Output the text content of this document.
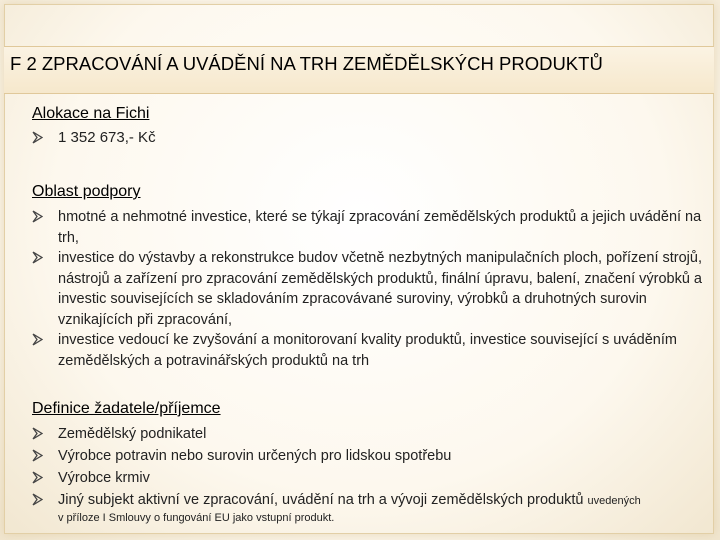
F 2 ZPRACOVÁNÍ A UVÁDĚNÍ NA TRH ZEMĚDĚLSKÝCH PRODUKTŮ
Alokace na Fichi
1 352 673,- Kč
Oblast podpory
hmotné a nehmotné investice, které se týkají zpracování zemědělských produktů a jejich uvádění na trh,
investice do výstavby a rekonstrukce budov včetně nezbytných manipulačních ploch, pořízení strojů, nástrojů a zařízení pro zpracování zemědělských produktů, finální úpravu, balení, značení výrobků a investic souvisejících se skladováním zpracovávané suroviny, výrobků a druhotných surovin vznikajících při zpracování,
investice vedoucí ke zvyšování a monitorovaní kvality produktů, investice související s uváděním zemědělských a potravinářských produktů na trh
Definice žadatele/příjemce
Zemědělský podnikatel
Výrobce potravin nebo surovin určených pro lidskou spotřebu
Výrobce krmiv
Jiný subjekt aktivní ve zpracování, uvádění na trh a vývoji zemědělských produktů uvedených
v příloze I Smlouvy o fungování EU jako vstupní produkt.
